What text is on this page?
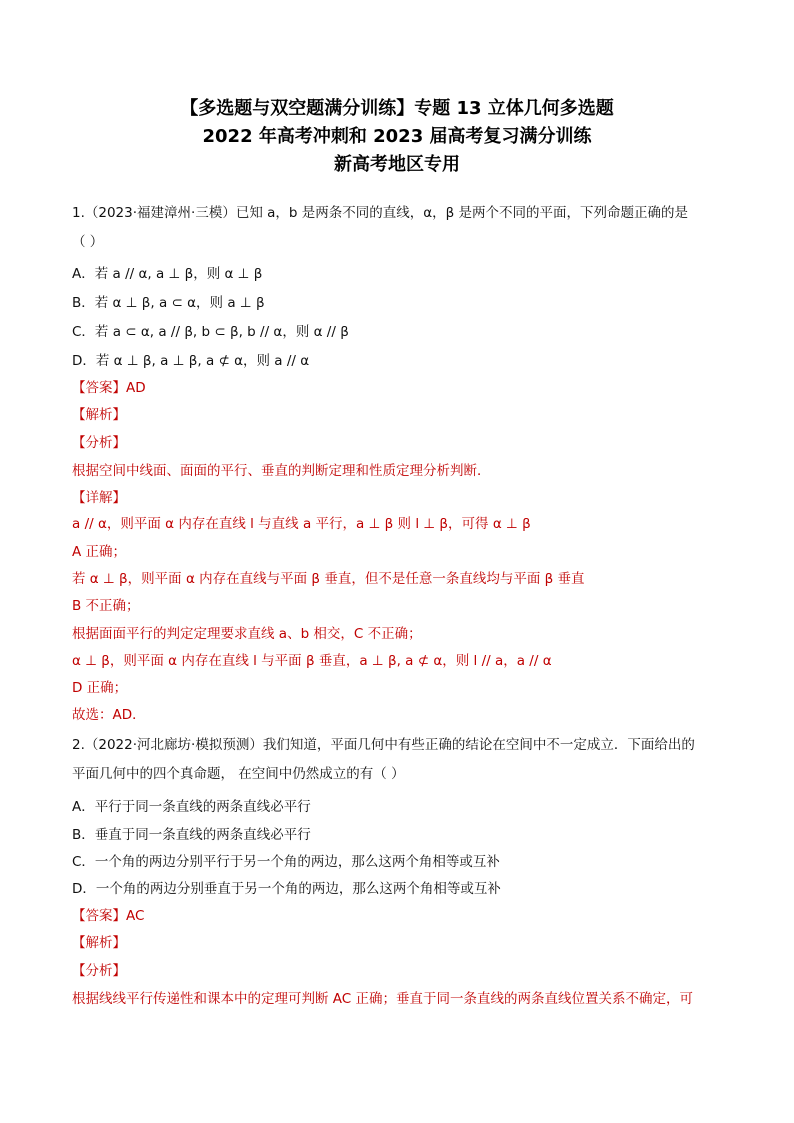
【多选题与双空题满分训练】专题 13 立体几何多选题
2022 年高考冲刺和 2023 届高考复习满分训练
新高考地区专用
1.（2023·福建漳州·三模）已知 a，b 是两条不同的直线，α，β 是两个不同的平面，下列命题正确的是
（ ）
A．若 a // α, a ⊥ β，则 α ⊥ β
B．若 α ⊥ β, a ⊂ α，则 a ⊥ β
C．若 a ⊂ α, a // β, b ⊂ β, b // α，则 α // β
D．若 α ⊥ β, a ⊥ β, a ⊄ α，则 a // α
【答案】AD
【解析】
【分析】
根据空间中线面、面面的平行、垂直的判断定理和性质定理分析判断．
【详解】
a // α，则平面 α 内存在直线 l 与直线 a 平行，a ⊥ β 则 l ⊥ β，可得 α ⊥ β
A 正确；
若 α ⊥ β，则平面 α 内存在直线与平面 β 垂直，但不是任意一条直线均与平面 β 垂直
B 不正确；
根据面面平行的判定定理要求直线 a、b 相交，C 不正确；
α ⊥ β，则平面 α 内存在直线 l 与平面 β 垂直，a ⊥ β, a ⊄ α，则 l // a，a // α
D 正确；
故选：AD．
2.（2022·河北廊坊·模拟预测）我们知道，平面几何中有些正确的结论在空间中不一定成立．下面给出的
平面几何中的四个真命题， 在空间中仍然成立的有（ ）
A．平行于同一条直线的两条直线必平行
B．垂直于同一条直线的两条直线必平行
C．一个角的两边分别平行于另一个角的两边，那么这两个角相等或互补
D．一个角的两边分别垂直于另一个角的两边，那么这两个角相等或互补
【答案】AC
【解析】
【分析】
根据线线平行传递性和课本中的定理可判断 AC 正确；垂直于同一条直线的两条直线位置关系不确定，可
